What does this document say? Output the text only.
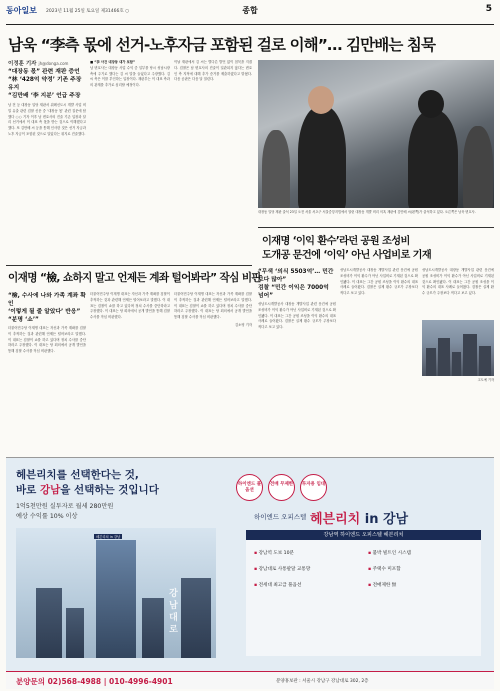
동아일보 2023년 11월 25일 토요일 제31466호 ○	종합	5
남욱 “李측 몫에 선거-노후자금 포함된 걸로 이해”… 김만배는 침묵
이정훈 기자 jh@donga.com
“대장동 몫” 관련 재판 증언
“林 ‘428억 약정’ 기존 주장 유지
“김만배 ‘李 지분’ 언급 주장

남 전 등 대장동 일당 재판서 위례신도시 개발 사업 비밀 유출 관련 검찰 신문 중 ‘대장동 몫’ 관련 질문에 답했다 ○○ 기자 이후 남 변호사의 진술 기존 입장과 달리 선거에서 이 대표 측 몫을 받는 것으로 이해했다고 했다. 또 김만배 씨 등을 통해 인사한 것은 선거 자금과 노후 자금이 포함된 것으로 알았다는 취지로 진술했다.

■ “李 사건 대장동 대가 포함”

남 변호사는 대장동 사업 수익 중 일부를 당시 성남시장 측에 주기로 했다는 김 씨 말을 들었다고 주장했다. 김 씨 측은 이를 부인하는 입장이다. 재판부는 이 대표 측과의 관계를 추가로 심리할 예정이다.

이날 재판에서 김 씨는 별다른 발언 없이 침묵을 지켰다. 검찰은 남 변호사의 진술이 일관되지 않다는 변호인 측 지적에 대해 추가 증거를 제출하겠다고 밝혔다. 다음 공판은 다음 달 열린다.

대장동 일당 재판 출석 23일 오전 서울 서초구 서울중앙지법에서 열린 대장동 개발 비리 의혹 재판에 김만배 씨(왼쪽)가 출석하고 있다. 오른쪽은 남욱 변호사.
이재명 ‘이익 환수’라던 공원 조성비
도개공 문건에 ‘이익’ 아닌 사업비로 기재
“무색 ‘의식 5503억’… 민간보다 많아”
검찰 “민간 이익은 7000억 넘어”

성남도시개발공사 대장동 개발사업 관련 문건에 공원 조성비가 이익 환수가 아닌 사업비로 기재된 것으로 확인됐다. 이 대표는 그간 공원 조성을 이익 환수의 대표 사례로 들어왔다. 검찰은 실제 환수 규모가 주장보다 적다고 보고 있다.

성남도시개발공사 대장동 개발사업 관련 문건에 공원 조성비가 이익 환수가 아닌 사업비로 기재된 것으로 확인됐다. 이 대표는 그간 공원 조성을 이익 환수의 대표 사례로 들어왔다. 검찰은 실제 환수 규모가 주장보다 적다고 보고 있다.

성남도시개발공사 대장동 개발사업 관련 문건에 공원 조성비가 이익 환수가 아닌 사업비로 기재된 것으로 확인됐다. 이 대표는 그간 공원 조성을 이익 환수의 대표 사례로 들어왔다. 검찰은 실제 환수 규모가 주장보다 적다고 보고 있다.

고도예 기자
이재명 “檢, 쇼하지 말고 언제든 계좌 털어봐라” 작심 비판
“檢, 수사에 나와 가족 계좌 확인
‘이렇게 될 줄 알았다’ 반응”
“분명 ‘쇼’”

더불어민주당 이재명 대표는 자신과 가족 계좌를 검찰이 추적하는 것과 관련해 언제든 털어보라고 말했다. 이 대표는 검찰이 쇼를 하고 있다며 정치 수사를 중단하라고 주장했다. 이 대표는 당 회의에서 공개 발언을 통해 검찰 수사를 작심 비판했다.

더불어민주당 이재명 대표는 자신과 가족 계좌를 검찰이 추적하는 것과 관련해 언제든 털어보라고 말했다. 이 대표는 검찰이 쇼를 하고 있다며 정치 수사를 중단하라고 주장했다. 이 대표는 당 회의에서 공개 발언을 통해 검찰 수사를 작심 비판했다.

더불어민주당 이재명 대표는 자신과 가족 계좌를 검찰이 추적하는 것과 관련해 언제든 털어보라고 말했다. 이 대표는 검찰이 쇼를 하고 있다며 정치 수사를 중단하라고 주장했다. 이 대표는 당 회의에서 공개 발언을 통해 검찰 수사를 작심 비판했다.

김소영 기자

헤븐리치를 선택한다는 것,
바로 강남을 선택하는 것입니다
1억5천만원 실투자로 월세 280만원
예상 수익률 10% 이상
하이엔드 풀옵션
전매 무제한	투자용 임대
하이엔드 오피스텔 헤븐리치 in 강남
헤븐리치 in 강남
강남대로
강남역 하이엔드 오피스텔 헤븐리치
▪ 강남역 도보 10분
▪ 강남대로 사통팔달 교통망
▪ 전세대 최고급 풀옵션
▪ 불박 빌트인 시스템
▪ 주택수 미포함
▪ 전매제한 無
분양문의 02)568-4988 | 010-4996-4901	분양홍보관 : 서울시 강남구 강남대로 302, 2층
